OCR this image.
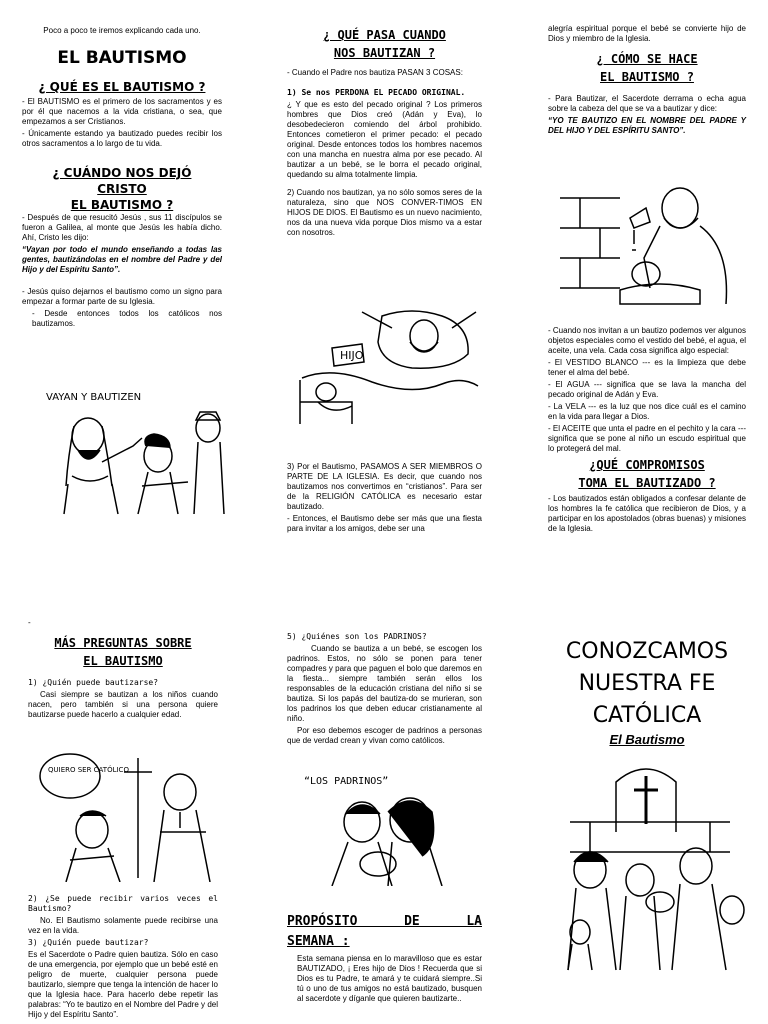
Poco a poco te iremos explicando cada uno.
EL BAUTISMO
¿ QUÉ ES EL BAUTISMO ?

- El BAUTISMO es el primero de los sacramentos y es por él que nacemos a la vida cristiana, o sea, que empezamos a ser Cristianos.

- Únicamente estando ya bautizado puedes recibir los otros sacramentos a lo largo de tu vida.

¿ CUÁNDO NOS DEJÓ
CRISTO
EL BAUTISMO ?

- Después de que resucitó Jesús , sus 11 discípulos se fueron a Galilea, al monte que Jesús les había dicho. Ahí, Cristo les dijo:

“Vayan por todo el mundo enseñando a todas las gentes, bautizándolas en el nombre del Padre y del Hijo y del Espíritu Santo”.

- Jesús quiso dejarnos el bautismo como un signo para empezar a formar parte de su Iglesia.

- Desde entonces todos los católicos nos bautizamos.

VAYAN Y BAUTIZEN
¿ QUÉ PASA CUANDO
NOS BAUTIZAN ?

- Cuando el Padre nos bautiza PASAN 3 COSAS:

1) Se nos PERDONA EL PECADO ORIGINAL.

¿ Y que es esto del pecado original ? Los primeros hombres que Dios creó (Adán y Eva), lo desobedecieron comiendo del árbol prohibido. Entonces cometieron el primer pecado: el pecado original. Desde entonces todos los hombres nacemos con una mancha en nuestra alma por ese pecado. Al bautizar a un bebé, se le borra el pecado original, quedando su alma totalmente limpia.

2) Cuando nos bautizan, ya no sólo somos seres de la naturaleza, sino que NOS CONVER-TIMOS EN HIJOS DE DIOS. El Bautismo es un nuevo nacimiento, nos da una nueva vida porque Dios mismo va a estar con nosotros.

HIJO

3) Por el Bautismo, PASAMOS A SER MIEMBROS O PARTE DE LA IGLESIA. Es decir, que cuando nos bautizamos nos convertimos en “cristianos”. Para ser de la RELIGIÓN CATÓLICA es necesario estar bautizado.

- Entonces, el Bautismo debe ser más que una fiesta para invitar a los amigos, debe ser una

alegría espiritual porque el bebé se convierte hijo de Dios y miembro de la Iglesia.

¿ CÓMO SE HACE
EL BAUTISMO ?

- Para Bautizar, el Sacerdote derrama o echa agua sobre la cabeza del que se va a bautizar y dice:

“YO TE BAUTIZO EN EL NOMBRE DEL PADRE Y DEL HIJO Y DEL ESPÍRITU SANTO”.

- Cuando nos invitan a un bautizo podemos ver algunos objetos especiales como el vestido del bebé, el agua, el aceite, una vela. Cada cosa significa algo especial:

- El VESTIDO BLANCO --- es la limpieza que debe tener el alma del bebé.

- El AGUA --- significa que se lava la mancha del pecado original de Adán y Eva.

- La VELA --- es la luz que nos dice cuál es el camino en la vida para llegar a Dios.

- El ACEITE que unta el padre en el pechito y la cara --- significa que se pone al niño un escudo espiritual que lo protegerá del mal.

¿QUÉ COMPROMISOS
TOMA EL BAUTIZADO ?

- Los bautizados están obligados a confesar delante de los hombres la fe católica que recibieron de Dios, y a participar en los apostolados (obras buenas) y misiones de la Iglesia.

-
MÁS PREGUNTAS SOBRE
EL BAUTISMO

1) ¿Quién puede bautizarse?

Casi siempre se bautizan a los niños cuando nacen, pero también si una persona quiere bautizarse puede hacerlo a cualquier edad.

QUIERO SER CATÓLICO

2) ¿Se puede recibir varios veces el Bautismo?

No. El Bautismo solamente puede recibirse una vez en la vida.

3) ¿Quién puede bautizar?

Es el Sacerdote o Padre quien bautiza. Sólo en caso de una emergencia, por ejemplo que un bebé esté en peligro de muerte, cualquier persona puede bautizarlo, siempre que tenga la intención de hacer lo que la Iglesia hace. Para hacerlo debe repetir las palabras: “Yo te bautizo en el Nombre del Padre y del Hijo y del Espíritu Santo”.

5) ¿Quiénes son los PADRINOS?

Cuando se bautiza a un bebé, se escogen los padrinos. Estos, no sólo se ponen para tener compadres y para que paguen el bolo que daremos en la fiesta... siempre también serán ellos los responsables de la educación cristiana del niño si se bautiza. Si los papás del bautiza-do se murieran, son los padrinos los que deben educar cristianamente al niño.

Por eso debemos escoger de padrinos a personas que de verdad crean y vivan como católicos.

“LOS PADRINOS”
PROPÓSITO DE LA
SEMANA :

Esta semana piensa en lo maravilloso que es estar BAUTIZADO, ¡ Eres hijo de Dios ! Recuerda que si Dios es tu Padre, te amará y te cuidará siempre..Si tú o uno de tus amigos no está bautizado, busquen al sacerdote y díganle que quieren bautizarte..

CONOZCAMOS
NUESTRA FE
CATÓLICA
El Bautismo
